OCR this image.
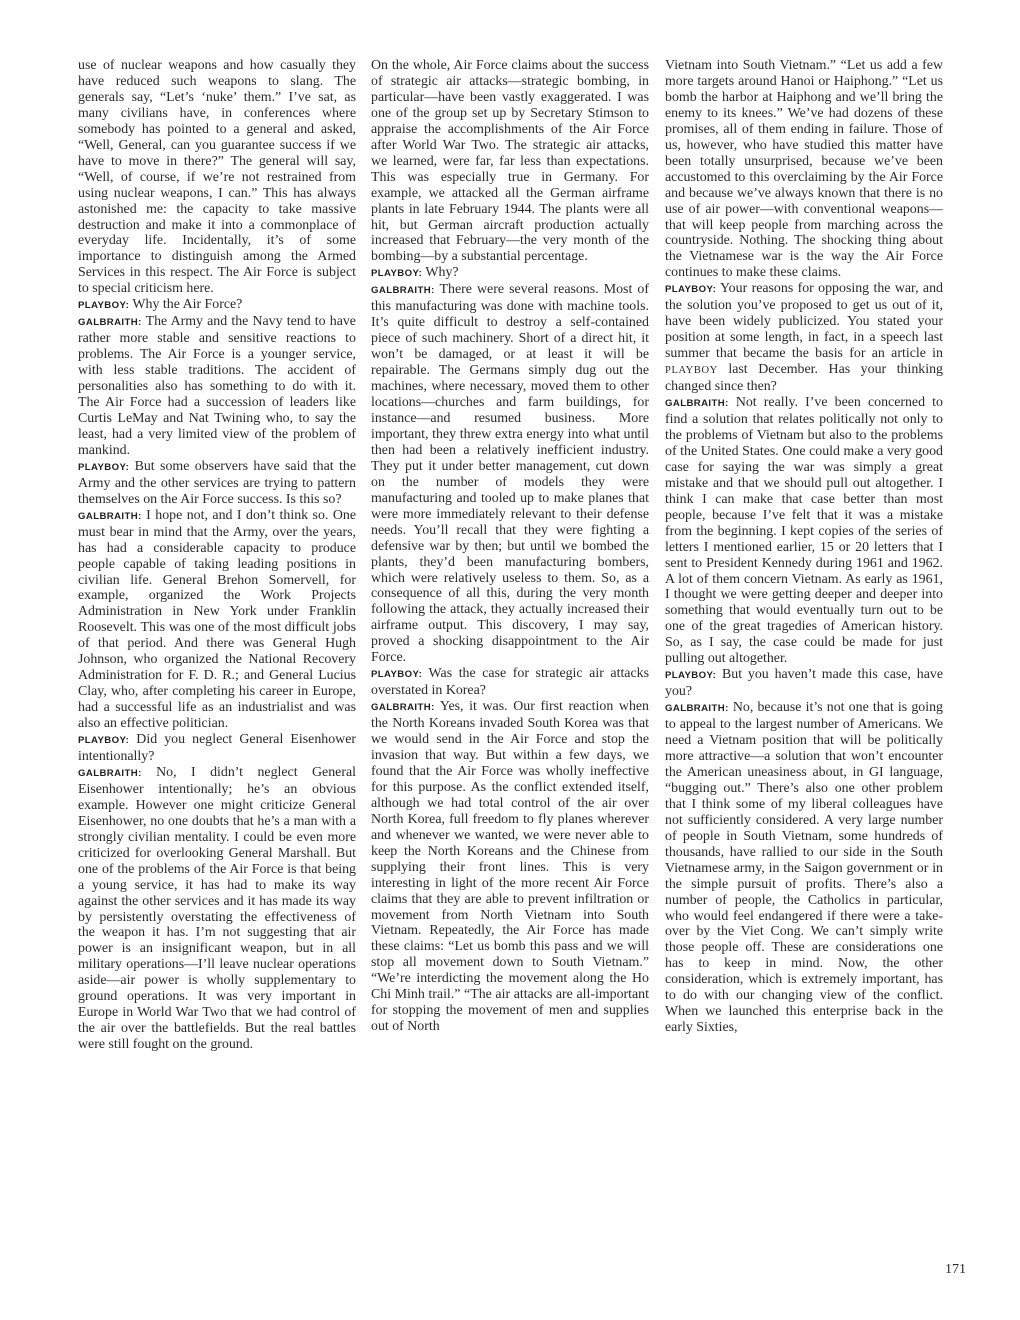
use of nuclear weapons and how casually they have reduced such weapons to slang. The generals say, “Let’s ‘nuke’ them.” I’ve sat, as many civilians have, in conferences where somebody has pointed to a general and asked, “Well, General, can you guarantee success if we have to move in there?” The general will say, “Well, of course, if we’re not restrained from using nuclear weapons, I can.” This has always astonished me: the capacity to take massive destruction and make it into a commonplace of everyday life. Incidentally, it’s of some importance to distinguish among the Armed Services in this respect. The Air Force is subject to special criticism here.

PLAYBOY: Why the Air Force?

GALBRAITH: The Army and the Navy tend to have rather more stable and sensitive reactions to problems. The Air Force is a younger service, with less stable traditions. The accident of personalities also has something to do with it. The Air Force had a succession of leaders like Curtis LeMay and Nat Twining who, to say the least, had a very limited view of the problem of mankind.

PLAYBOY: But some observers have said that the Army and the other services are trying to pattern themselves on the Air Force success. Is this so?

GALBRAITH: I hope not, and I don’t think so. One must bear in mind that the Army, over the years, has had a considerable capacity to produce people capable of taking leading positions in civilian life. General Brehon Somervell, for example, organized the Work Projects Administration in New York under Franklin Roosevelt. This was one of the most difficult jobs of that period. And there was General Hugh Johnson, who organized the National Recovery Administration for F. D. R.; and General Lucius Clay, who, after completing his career in Europe, had a successful life as an industrialist and was also an effective politician.

PLAYBOY: Did you neglect General Eisenhower intentionally?

GALBRAITH: No, I didn’t neglect General Eisenhower intentionally; he’s an obvious example. However one might criticize General Eisenhower, no one doubts that he’s a man with a strongly civilian mentality. I could be even more criticized for overlooking General Marshall. But one of the problems of the Air Force is that being a young service, it has had to make its way against the other services and it has made its way by persistently overstating the effectiveness of the weapon it has. I’m not suggesting that air power is an insignificant weapon, but in all military operations—I’ll leave nuclear operations aside—air power is wholly supplementary to ground operations. It was very important in Europe in World War Two that we had control of the air over the battlefields. But the real battles were still fought on the ground.

On the whole, Air Force claims about the success of strategic air attacks—strategic bombing, in particular—have been vastly exaggerated. I was one of the group set up by Secretary Stimson to appraise the accomplishments of the Air Force after World War Two. The strategic air attacks, we learned, were far, far less than expectations. This was especially true in Germany. For example, we attacked all the German airframe plants in late February 1944. The plants were all hit, but German aircraft production actually increased that February—the very month of the bombing—by a substantial percentage.

PLAYBOY: Why?

GALBRAITH: There were several reasons. Most of this manufacturing was done with machine tools. It’s quite difficult to destroy a self-contained piece of such machinery. Short of a direct hit, it won’t be damaged, or at least it will be repairable. The Germans simply dug out the machines, where necessary, moved them to other locations—churches and farm buildings, for instance—and resumed business. More important, they threw extra energy into what until then had been a relatively inefficient industry. They put it under better management, cut down on the number of models they were manufacturing and tooled up to make planes that were more immediately relevant to their defense needs. You’ll recall that they were fighting a defensive war by then; but until we bombed the plants, they’d been manufacturing bombers, which were relatively useless to them. So, as a consequence of all this, during the very month following the attack, they actually increased their airframe output. This discovery, I may say, proved a shocking disappointment to the Air Force.

PLAYBOY: Was the case for strategic air attacks overstated in Korea?

GALBRAITH: Yes, it was. Our first reaction when the North Koreans invaded South Korea was that we would send in the Air Force and stop the invasion that way. But within a few days, we found that the Air Force was wholly ineffective for this purpose. As the conflict extended itself, although we had total control of the air over North Korea, full freedom to fly planes wherever and whenever we wanted, we were never able to keep the North Koreans and the Chinese from supplying their front lines. This is very interesting in light of the more recent Air Force claims that they are able to prevent infiltration or movement from North Vietnam into South Vietnam. Repeatedly, the Air Force has made these claims: “Let us bomb this pass and we will stop all movement down to South Vietnam.” “We’re interdicting the movement along the Ho Chi Minh trail.” “The air attacks are all-important for stopping the movement of men and supplies out of North

Vietnam into South Vietnam.” “Let us add a few more targets around Hanoi or Haiphong.” “Let us bomb the harbor at Haiphong and we’ll bring the enemy to its knees.” We’ve had dozens of these promises, all of them ending in failure. Those of us, however, who have studied this matter have been totally unsurprised, because we’ve been accustomed to this overclaiming by the Air Force and because we’ve always known that there is no use of air power—with conventional weapons—that will keep people from marching across the countryside. Nothing. The shocking thing about the Vietnamese war is the way the Air Force continues to make these claims.

PLAYBOY: Your reasons for opposing the war, and the solution you’ve proposed to get us out of it, have been widely publicized. You stated your position at some length, in fact, in a speech last summer that became the basis for an article in PLAYBOY last December. Has your thinking changed since then?

GALBRAITH: Not really. I’ve been concerned to find a solution that relates politically not only to the problems of Vietnam but also to the problems of the United States. One could make a very good case for saying the war was simply a great mistake and that we should pull out altogether. I think I can make that case better than most people, because I’ve felt that it was a mistake from the beginning. I kept copies of the series of letters I mentioned earlier, 15 or 20 letters that I sent to President Kennedy during 1961 and 1962. A lot of them concern Vietnam. As early as 1961, I thought we were getting deeper and deeper into something that would eventually turn out to be one of the great tragedies of American history. So, as I say, the case could be made for just pulling out altogether.

PLAYBOY: But you haven’t made this case, have you?

GALBRAITH: No, because it’s not one that is going to appeal to the largest number of Americans. We need a Vietnam position that will be politically more attractive—a solution that won’t encounter the American uneasiness about, in GI language, “bugging out.” There’s also one other problem that I think some of my liberal colleagues have not sufficiently considered. A very large number of people in South Vietnam, some hundreds of thousands, have rallied to our side in the South Vietnamese army, in the Saigon government or in the simple pursuit of profits. There’s also a number of people, the Catholics in particular, who would feel endangered if there were a take-over by the Viet Cong. We can’t simply write those people off. These are considerations one has to keep in mind. Now, the other consideration, which is extremely important, has to do with our changing view of the conflict. When we launched this enterprise back in the early Sixties,

171
